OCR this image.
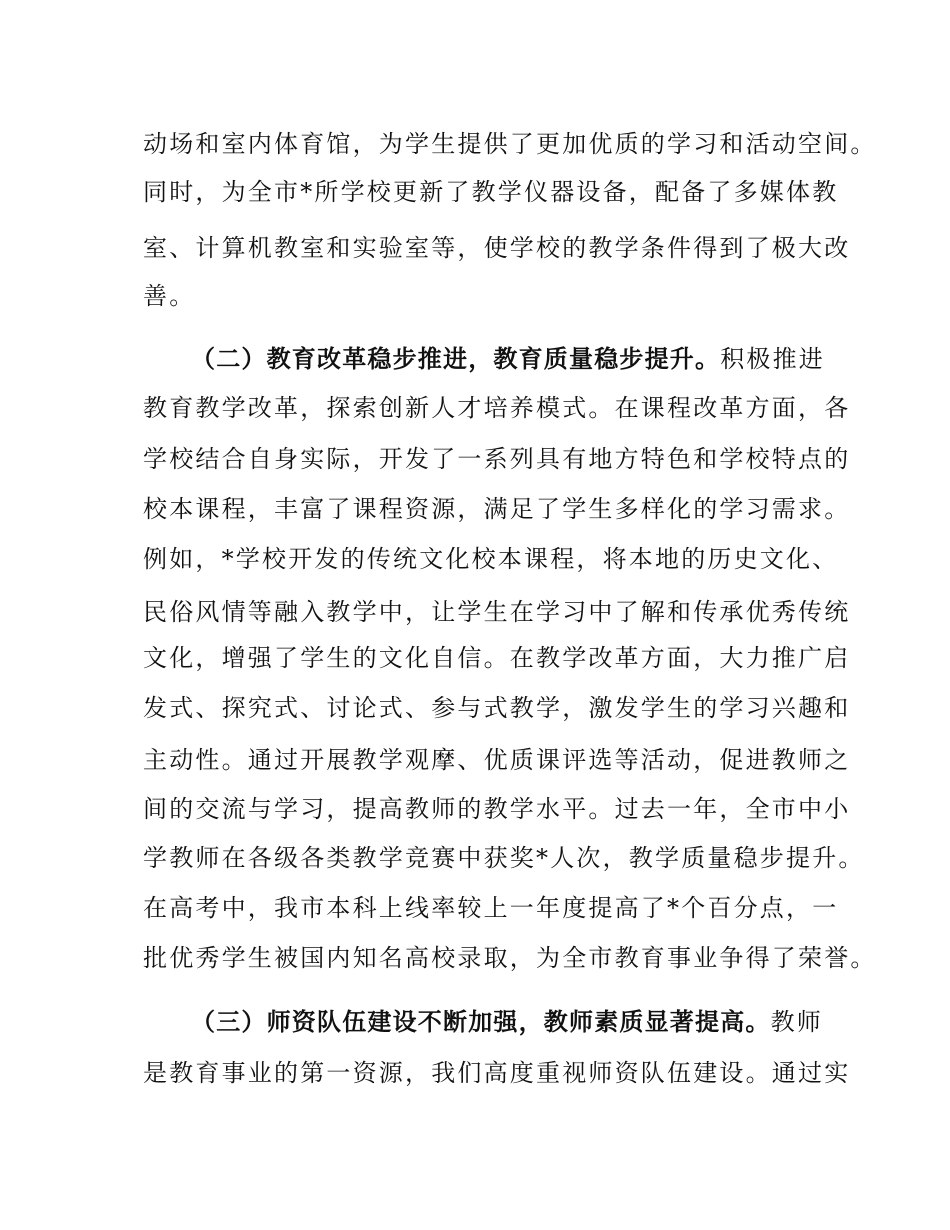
动场和室内体育馆，为学生提供了更加优质的学习和活动空间。
同时，为全市*所学校更新了教学仪器设备，配备了多媒体教
室、计算机教室和实验室等，使学校的教学条件得到了极大改
善。
（二）教育改革稳步推进，教育质量稳步提升。积极推进
教育教学改革，探索创新人才培养模式。在课程改革方面，各
学校结合自身实际，开发了一系列具有地方特色和学校特点的
校本课程，丰富了课程资源，满足了学生多样化的学习需求。
例如，*学校开发的传统文化校本课程，将本地的历史文化、
民俗风情等融入教学中，让学生在学习中了解和传承优秀传统
文化，增强了学生的文化自信。在教学改革方面，大力推广启
发式、探究式、讨论式、参与式教学，激发学生的学习兴趣和
主动性。通过开展教学观摩、优质课评选等活动，促进教师之
间的交流与学习，提高教师的教学水平。过去一年，全市中小
学教师在各级各类教学竞赛中获奖*人次，教学质量稳步提升。
在高考中，我市本科上线率较上一年度提高了*个百分点，一
批优秀学生被国内知名高校录取，为全市教育事业争得了荣誉。
（三）师资队伍建设不断加强，教师素质显著提高。教师
是教育事业的第一资源，我们高度重视师资队伍建设。通过实
